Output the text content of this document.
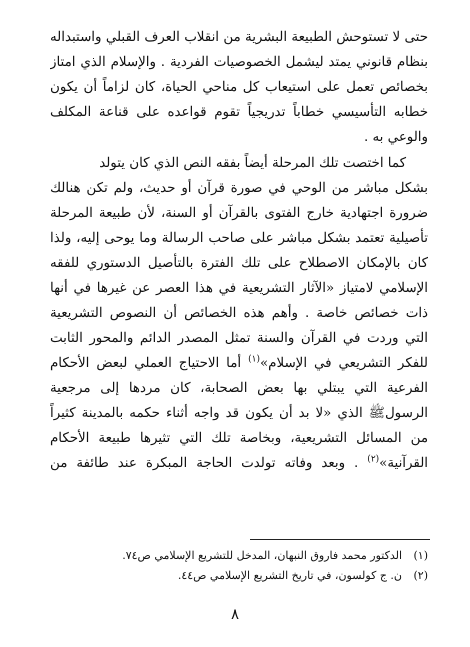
حتى لا تستوحش الطبيعة البشرية من انقلاب العرف القبلي واستبداله
بنظام قانوني يمتد ليشمل الخصوصيات الفردية . والإسلام الذي امتاز
بخصائص تعمل على استيعاب كل مناحي الحياة، كان لزاماً أن يكون
خطابه التأسيسي خطاباً تدريجياً تقوم قواعده على قناعة المكلف
والوعي به .
كما اختصت تلك المرحلة أيضاً بفقه النص الذي كان يتولد
بشكل مباشر من الوحي في صورة قرآن أو حديث، ولم تكن هنالك
ضرورة اجتهادية خارج الفتوى بالقرآن أو السنة، لأن طبيعة المرحلة
تأصيلية تعتمد بشكل مباشر على صاحب الرسالة وما يوحى إليه، ولذا
كان بالإمكان الاصطلاح على تلك الفترة بالتأصيل الدستوري للفقه
الإسلامي لامتياز «الآثار التشريعية في هذا العصر عن غيرها في أنها
ذات خصائص خاصة . وأهم هذه الخصائص أن النصوص التشريعية
التي وردت في القرآن والسنة تمثل المصدر الدائم والمحور الثابت
للفكر التشريعي في الإسلام»$^{(١)}$ أما الاحتياج العملي لبعض الأحكام
الفرعية التي يبتلي بها بعض الصحابة، كان مردها إلى مرجعية
الرسولﷺ الذي «لا بد أن يكون قد واجه أثناء حكمه بالمدينة كثيراً
من المسائل التشريعية، وبخاصة تلك التي تثيرها طبيعة الأحكام
القرآنية»$^{(٢)}$ . وبعد وفاته تولدت الحاجة المبكرة عند طائفة من
(١)الدكتور محمد فاروق النبهان، المدخل للتشريع الإسلامي ص٧٤.
(٢)ن. ج كولسون، في تاريخ التشريع الإسلامي ص٤٤.
٨
